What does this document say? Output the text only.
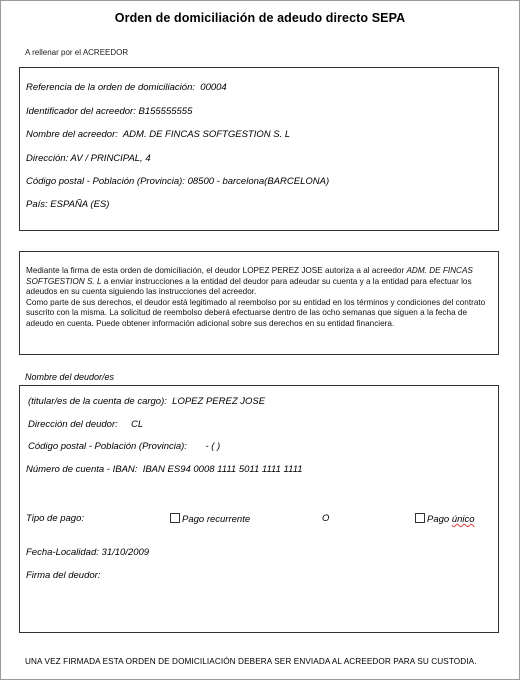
Orden de domiciliación de adeudo directo SEPA
A rellenar por el ACREEDOR
Referencia de la orden de domiciliación: 00004
Identificador del acreedor: B155555555
Nombre del acreedor: ADM. DE FINCAS SOFTGESTION S. L
Dirección: AV / PRINCIPAL, 4
Código postal - Población (Provincia): 08500 - barcelona(BARCELONA)
País: ESPAÑA (ES)
Mediante la firma de esta orden de domiciliación, el deudor LOPEZ PEREZ JOSE autoriza a al acreedor ADM. DE FINCAS SOFTGESTION S. L a enviar instrucciones a la entidad del deudor para adeudar su cuenta y a la entidad para efectuar los adeudos en su cuenta siguiendo las instrucciones del acreedor.
Como parte de sus derechos, el deudor está legitimado al reembolso por su entidad en los términos y condiciones del contrato suscrito con la misma. La solicitud de reembolso deberá efectuarse dentro de las ocho semanas que siguen a la fecha de adeudo en cuenta. Puede obtener información adicional sobre sus derechos en su entidad financiera.
Nombre del deudor/es
(titular/es de la cuenta de cargo): LOPEZ PEREZ JOSE
Dirección del deudor: CL
Código postal - Población (Provincia): - ( )
Número de cuenta - IBAN: IBAN ES94 0008 1111 5011 1111 1111
Tipo de pago:	Pago recurrente	O	Pago único
Fecha-Localidad: 31/10/2009
Firma del deudor:
UNA VEZ FIRMADA ESTA ORDEN DE DOMICILIACIÓN DEBERA SER ENVIADA AL ACREEDOR PARA SU CUSTODIA.
